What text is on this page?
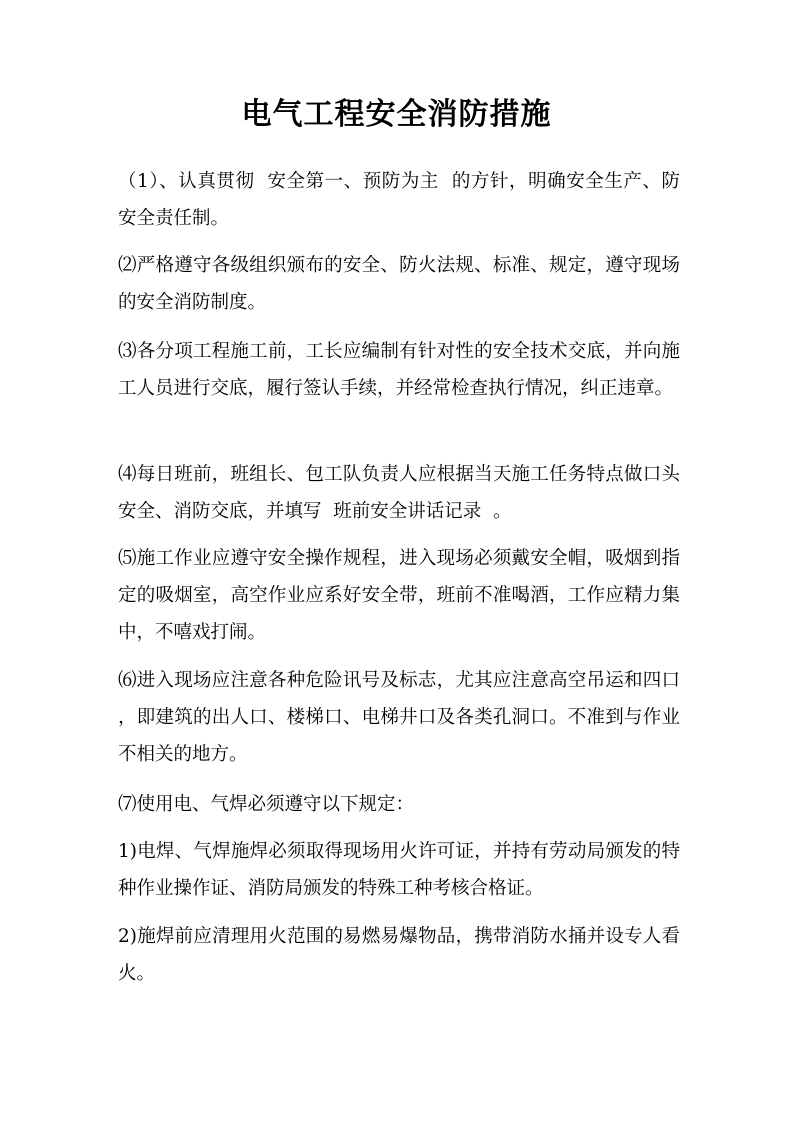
电气工程安全消防措施
（1）、认真贯彻  安全第一、预防为主  的方针，明确安全生产、防安全责任制。
⑵严格遵守各级组织颁布的安全、防火法规、标准、规定，遵守现场的安全消防制度。
⑶各分项工程施工前，工长应编制有针对性的安全技术交底，并向施工人员进行交底，履行签认手续，并经常检查执行情况，纠正违章。
⑷每日班前，班组长、包工队负责人应根据当天施工任务特点做口头安全、消防交底，并填写  班前安全讲话记录  。
⑸施工作业应遵守安全操作规程，进入现场必须戴安全帽，吸烟到指定的吸烟室，高空作业应系好安全带，班前不准喝酒，工作应精力集中，不嘻戏打闹。
⑹进入现场应注意各种危险讯号及标志，尤其应注意高空吊运和四口  ，即建筑的出人口、楼梯口、电梯井口及各类孔洞口。不准到与作业不相关的地方。
⑺使用电、气焊必须遵守以下规定：
1)电焊、气焊施焊必须取得现场用火许可证，并持有劳动局颁发的特种作业操作证、消防局颁发的特殊工种考核合格证。
2)施焊前应清理用火范围的易燃易爆物品，携带消防水捅并设专人看火。
